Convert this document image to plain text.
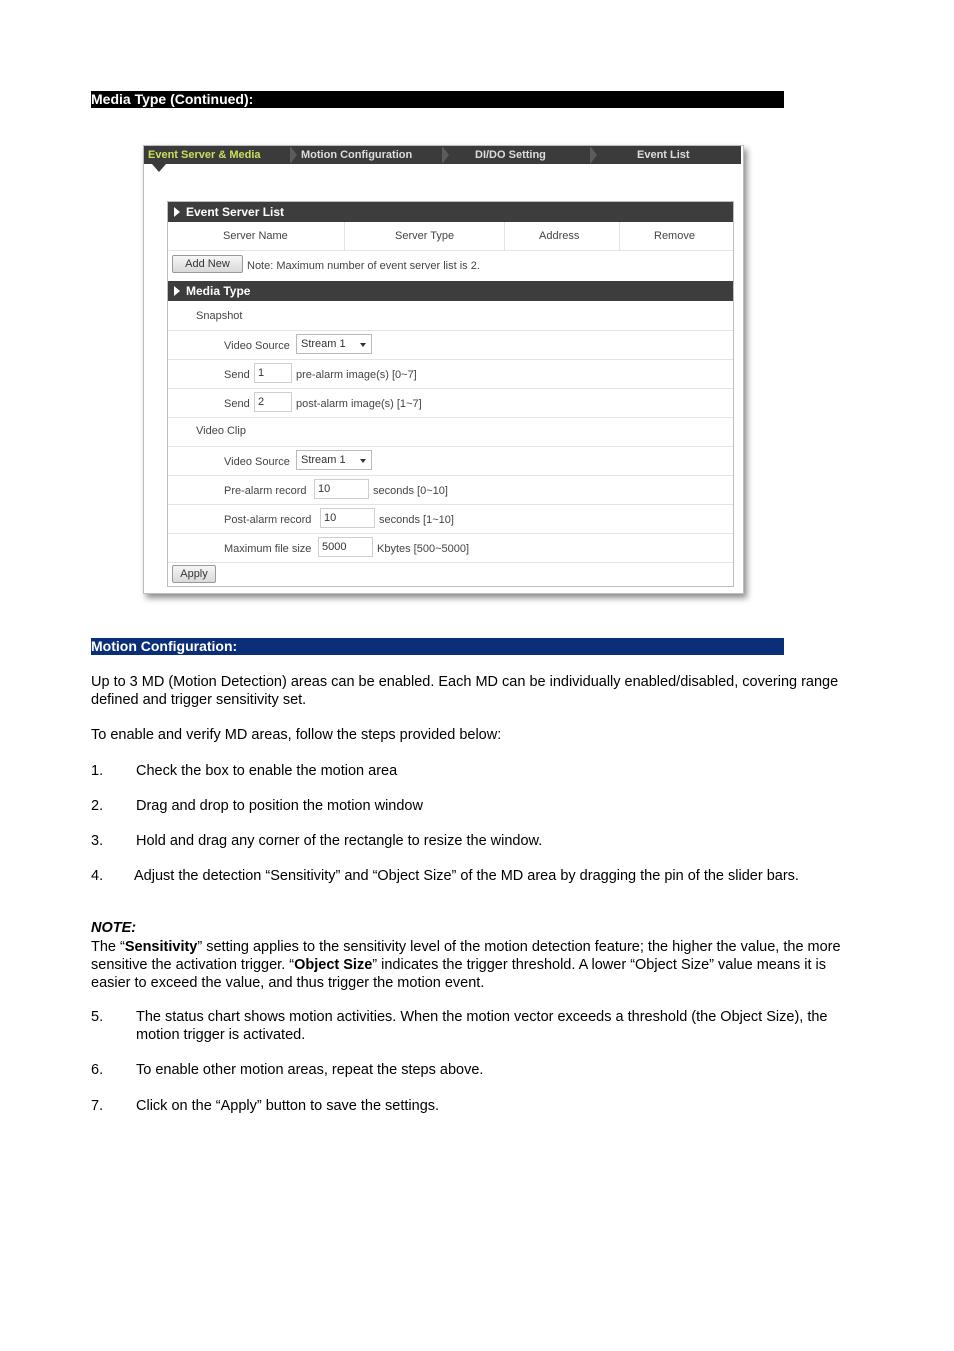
Media Type (Continued):
Event Server & Media	Motion Configuration	DI/DO Setting	Event List
Event Server List
Server Name	Server Type	Address	Remove
Add New	Note: Maximum number of event server list is 2.
Media Type
Snapshot
Video Source	Stream 1
Send 1	pre-alarm image(s) [0~7]
Send 2	post-alarm image(s) [1~7]
Video Clip
Video Source	Stream 1
Pre-alarm record	10	seconds [0~10]
Post-alarm record	10	seconds [1~10]
Maximum file size 5000	Kbytes [500~5000]
Apply
Motion Configuration:
Up to 3 MD (Motion Detection) areas can be enabled. Each MD can be individually enabled/disabled, covering range defined and trigger sensitivity set.
To enable and verify MD areas, follow the steps provided below:
1. Check the box to enable the motion area
2. Drag and drop to position the motion window
3. Hold and drag any corner of the rectangle to resize the window.
4. Adjust the detection “Sensitivity” and “Object Size” of the MD area by dragging the pin of the slider bars.
NOTE:
The “Sensitivity” setting applies to the sensitivity level of the motion detection feature; the higher the value, the more sensitive the activation trigger. “Object Size” indicates the trigger threshold. A lower “Object Size” value means it is easier to exceed the value, and thus trigger the motion event.
5. The status chart shows motion activities. When the motion vector exceeds a threshold (the Object Size), the motion trigger is activated.
6. To enable other motion areas, repeat the steps above.
7. Click on the “Apply” button to save the settings.
